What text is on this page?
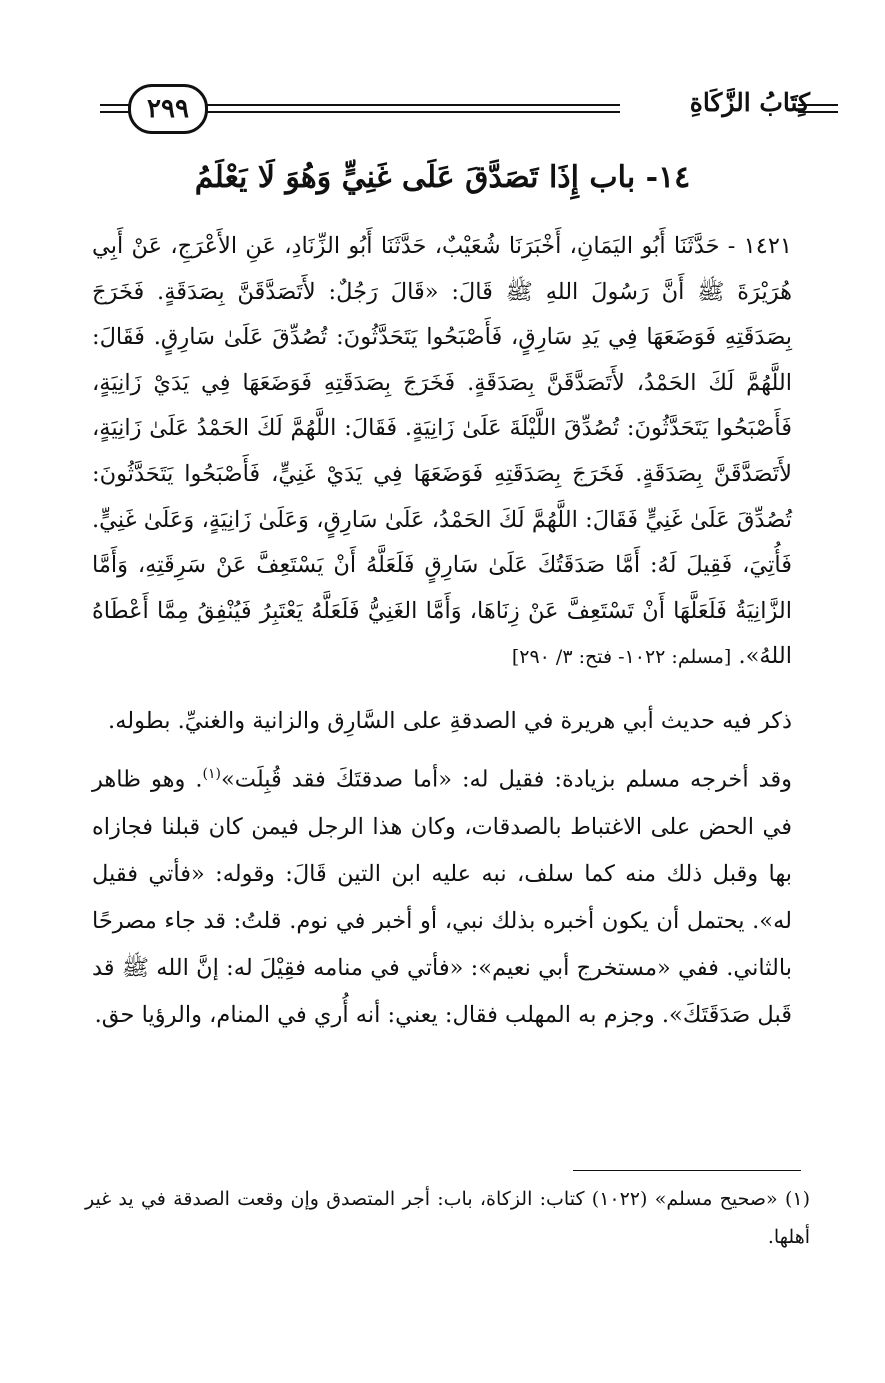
كِتَابُ الزَّكَاةِ
٢٩٩
١٤- باب إِذَا تَصَدَّقَ عَلَى غَنِيٍّ وَهُوَ لَا يَعْلَمُ

١٤٢١ - حَدَّثَنَا أَبُو اليَمَانِ، أَخْبَرَنَا شُعَيْبٌ، حَدَّثَنَا أَبُو الزِّنَادِ، عَنِ الأَعْرَجِ، عَنْ أَبِي هُرَيْرَةَ ﷺ أَنَّ رَسُولَ اللهِ ﷺ قَالَ: «قَالَ رَجُلٌ: لأَتَصَدَّقَنَّ بِصَدَقَةٍ. فَخَرَجَ بِصَدَقَتِهِ فَوَضَعَهَا فِي يَدِ سَارِقٍ، فَأَصْبَحُوا يَتَحَدَّثُونَ: تُصُدِّقَ عَلَىٰ سَارِقٍ. فَقَالَ: اللَّهُمَّ لَكَ الحَمْدُ، لأَتَصَدَّقَنَّ بِصَدَقَةٍ. فَخَرَجَ بِصَدَقَتِهِ فَوَضَعَهَا فِي يَدَيْ زَانِيَةٍ، فَأَصْبَحُوا يَتَحَدَّثُونَ: تُصُدِّقَ اللَّيْلَةَ عَلَىٰ زَانِيَةٍ. فَقَالَ: اللَّهُمَّ لَكَ الحَمْدُ عَلَىٰ زَانِيَةٍ، لأَتَصَدَّقَنَّ بِصَدَقَةٍ. فَخَرَجَ بِصَدَقَتِهِ فَوَضَعَهَا فِي يَدَيْ غَنِيٍّ، فَأَصْبَحُوا يَتَحَدَّثُونَ: تُصُدِّقَ عَلَىٰ غَنِيٍّ فَقَالَ: اللَّهُمَّ لَكَ الحَمْدُ، عَلَىٰ سَارِقٍ، وَعَلَىٰ زَانِيَةٍ، وَعَلَىٰ غَنِيٍّ. فَأُتِيَ، فَقِيلَ لَهُ: أَمَّا صَدَقَتُكَ عَلَىٰ سَارِقٍ فَلَعَلَّهُ أَنْ يَسْتَعِفَّ عَنْ سَرِقَتِهِ، وَأَمَّا الزَّانِيَةُ فَلَعَلَّهَا أَنْ تَسْتَعِفَّ عَنْ زِنَاهَا، وَأَمَّا الغَنِيُّ فَلَعَلَّهُ يَعْتَبِرُ فَيُنْفِقُ مِمَّا أَعْطَاهُ اللهُ». [مسلم: ١٠٢٢- فتح: ٣/ ٢٩٠]

ذكر فيه حديث أبي هريرة في الصدقةِ على السَّارِق والزانية والغنيِّ. بطوله.

وقد أخرجه مسلم بزيادة: فقيل له: «أما صدقتَكَ فقد قُبِلَت»$^{(١)}$. وهو ظاهر في الحض على الاغتباط بالصدقات، وكان هذا الرجل فيمن كان قبلنا فجازاه بها وقبل ذلك منه كما سلف، نبه عليه ابن التين قَالَ: وقوله: «فأتي فقيل له». يحتمل أن يكون أخبره بذلك نبي، أو أخبر في نوم. قلتُ: قد جاء مصرحًا بالثاني. ففي «مستخرج أبي نعيم»: «فأتي في منامه فقِيْلَ له: إنَّ الله ﷺ قد قَبل صَدَقَتَكَ». وجزم به المهلب فقال: يعني: أنه أُري في المنام، والرؤيا حق.

(١) «صحيح مسلم» (١٠٢٢) كتاب: الزكاة، باب: أجر المتصدق وإن وقعت الصدقة في يد غير أهلها.
